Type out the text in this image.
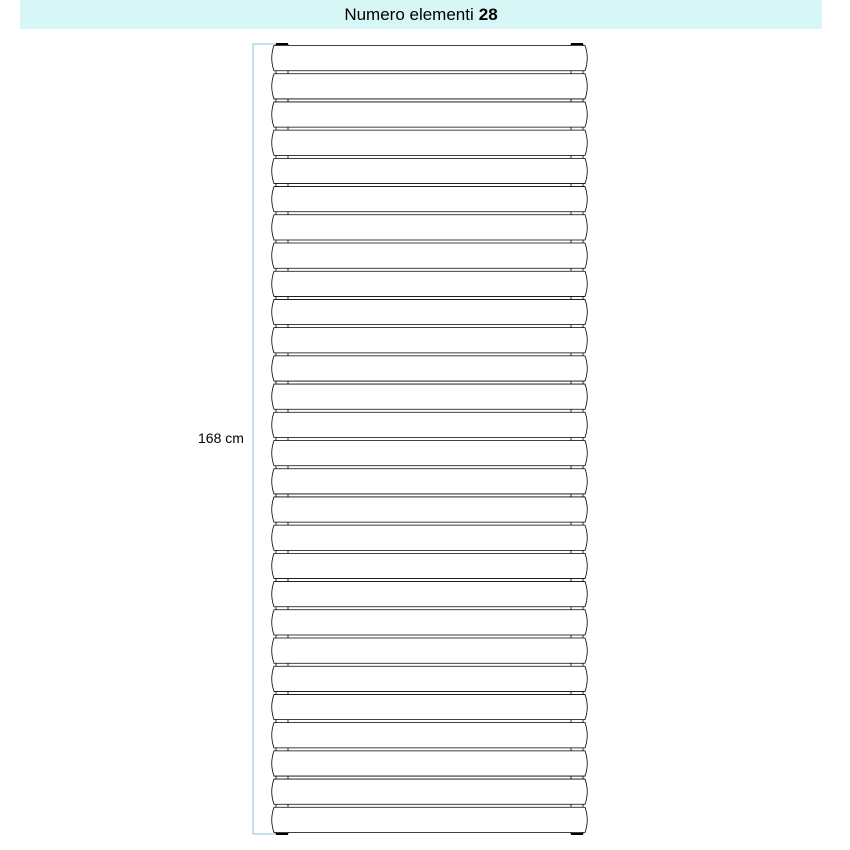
Numero elementi 28
168 cm
